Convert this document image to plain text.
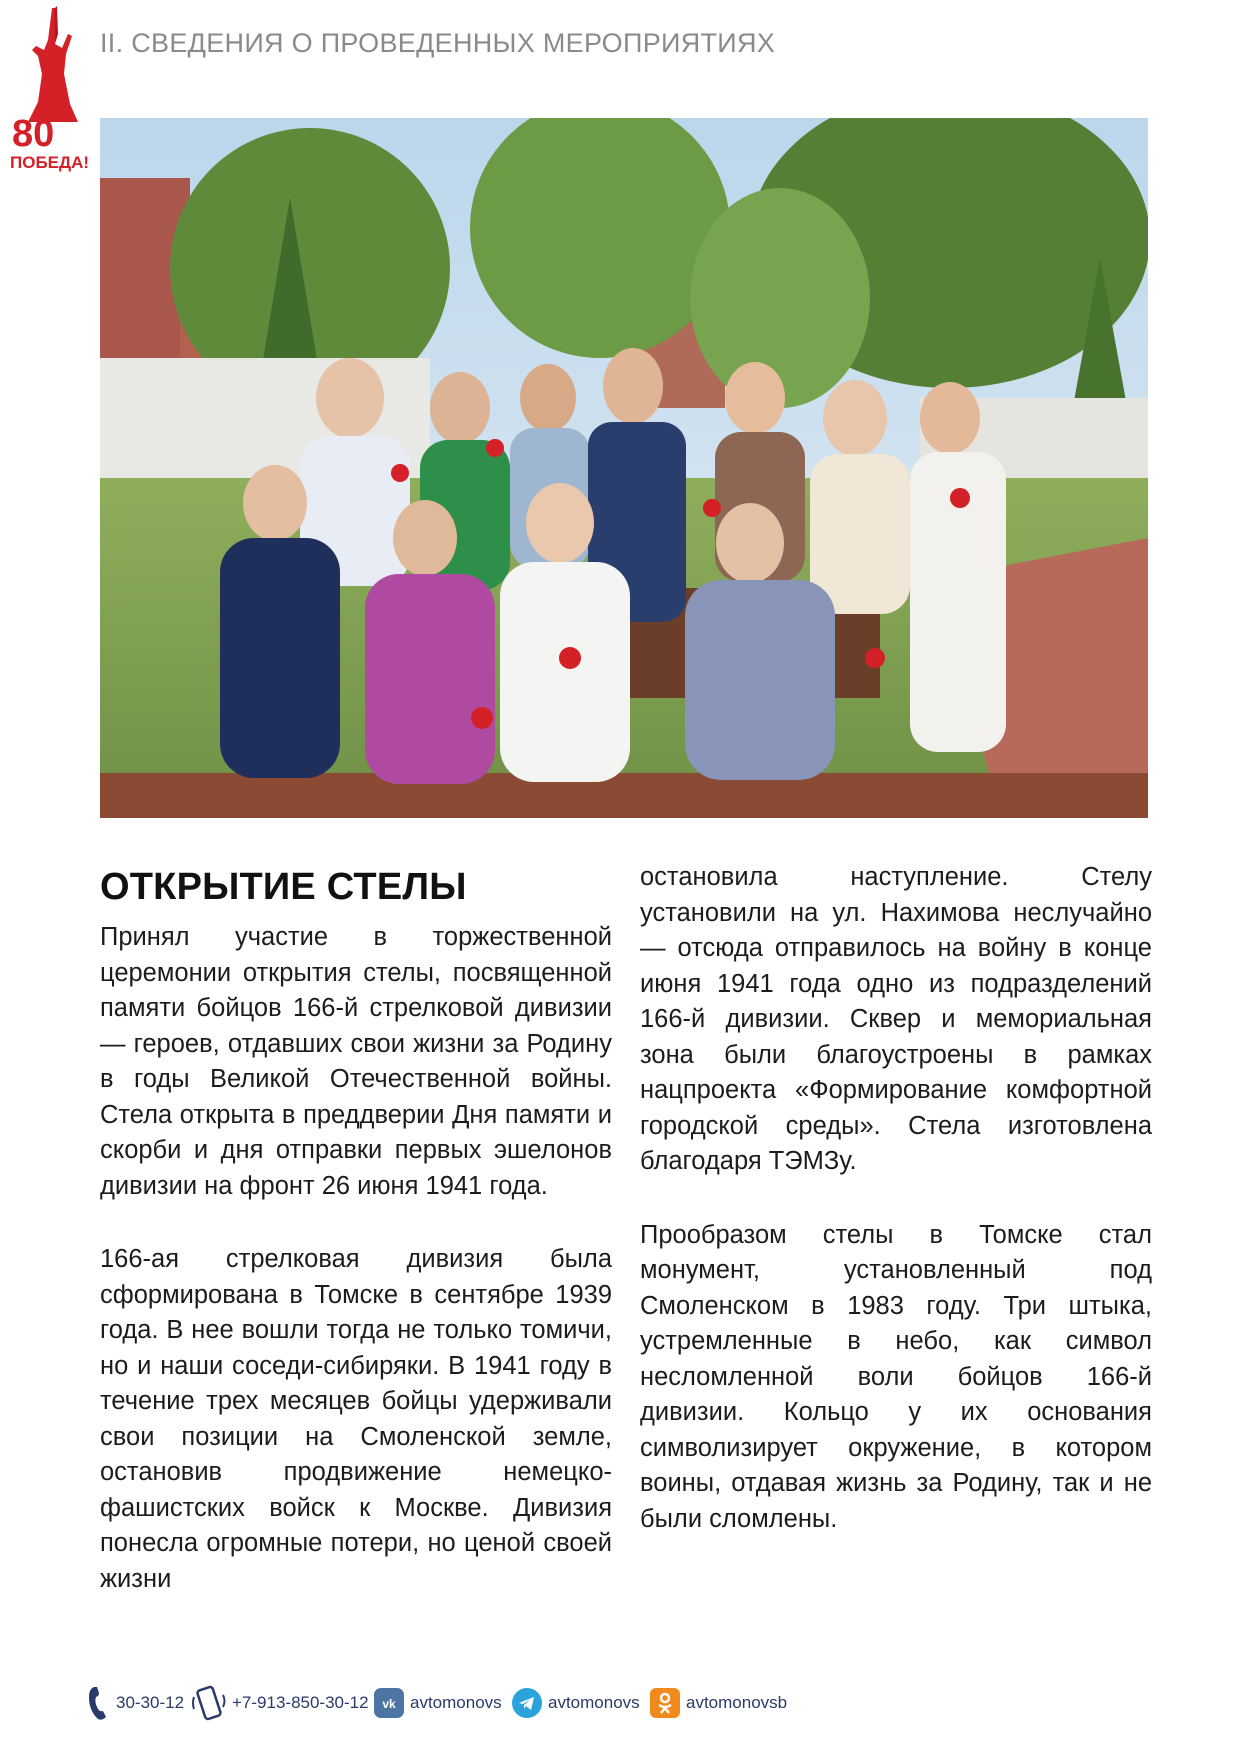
80
ПОБЕДА!
II. СВЕДЕНИЯ О ПРОВЕДЕННЫХ МЕРОПРИЯТИЯХ
ОТКРЫТИЕ СТЕЛЫ

Принял участие в торжественной церемонии открытия стелы, посвященной памяти бойцов 166-й стрелковой дивизии — героев, отдавших свои жизни за Родину в годы Великой Отечественной войны. Стела открыта в преддверии Дня памяти и скорби и дня отправки первых эшелонов дивизии на фронт 26 июня 1941 года.

166-ая стрелковая дивизия была сформирована в Томске в сентябре 1939 года. В нее вошли тогда не только томичи, но и наши соседи-сибиряки. В 1941 году в течение трех месяцев бойцы удерживали свои позиции на Смоленской земле, остановив продвижение немецко-фашистских войск к Москве. Дивизия понесла огромные потери, но ценой своей жизни

остановила наступление. Стелу установили на ул. Нахимова неслучайно — отсюда отправилось на войну в конце июня 1941 года одно из подразделений 166-й дивизии. Сквер и мемориальная зона были благоустроены в рамках нацпроекта «Формирование комфортной городской среды». Стела изготовлена благодаря ТЭМЗу.

Прообразом стелы в Томске стал монумент, установленный под Смоленском в 1983 году. Три штыка, устремленные в небо, как символ несломленной воли бойцов 166-й дивизии. Кольцо у их основания символизирует окружение, в котором воины, отдавая жизнь за Родину, так и не были сломлены.

30-30-12	+7-913-850-30-12 vk avtomonovs	avtomonovs	avtomonovsb
